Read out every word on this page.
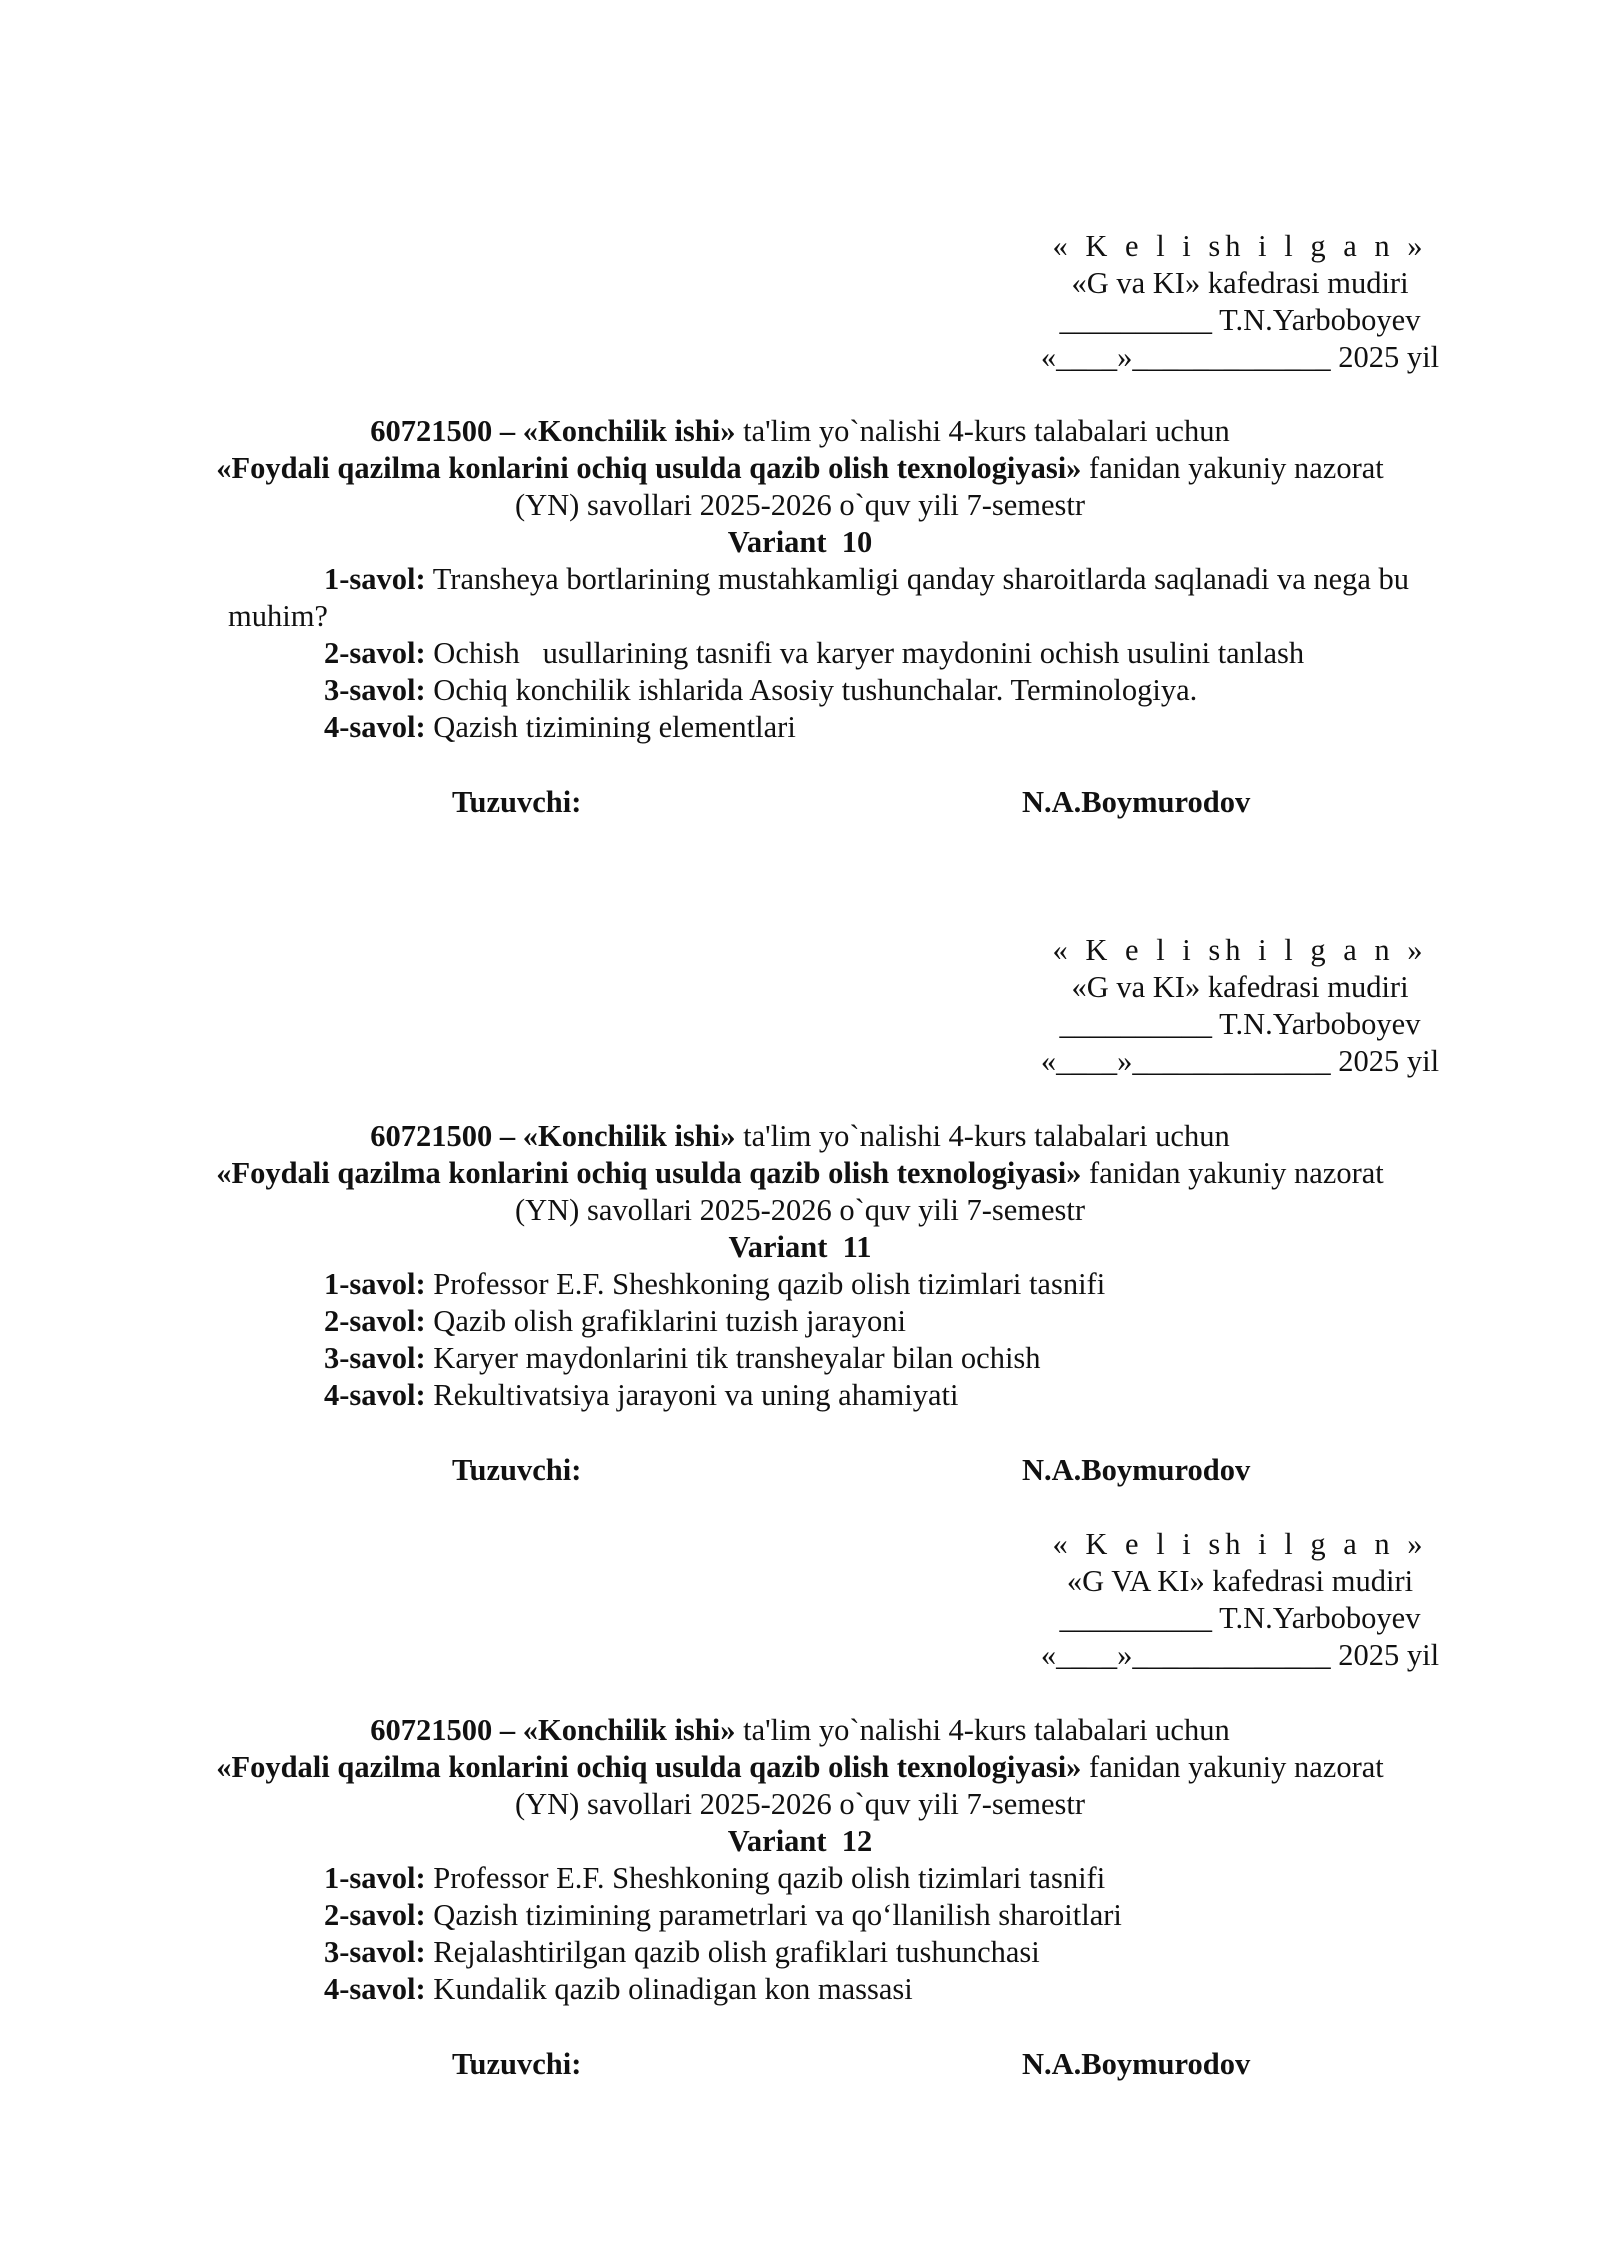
« K e l i sh i l g a n »
«G va KI» kafedrasi mudiri
__________ T.N.Yarboboyev
«____»_____________ 2025 yil
60721500 – «Konchilik ishi» ta'lim yo`nalishi 4-kurs talabalari uchun
«Foydali qazilma konlarini ochiq usulda qazib olish texnologiyasi» fanidan yakuniy nazorat
(YN) savollari 2025-2026 o`quv yili 7-semestr
Variant  10
1-savol: Transheya bortlarining mustahkamligi qanday sharoitlarda saqlanadi va nega bu muhim?
2-savol: Ochish   usullarining tasnifi va karyer maydonini ochish usulini tanlash
3-savol: Ochiq konchilik ishlarida Asosiy tushunchalar. Terminologiya.
4-savol: Qazish tizimining elementlari
Tuzuvchi:	N.A.Boymurodov
« K e l i sh i l g a n »
«G va KI» kafedrasi mudiri
__________ T.N.Yarboboyev
«____»_____________ 2025 yil
60721500 – «Konchilik ishi» ta'lim yo`nalishi 4-kurs talabalari uchun
«Foydali qazilma konlarini ochiq usulda qazib olish texnologiyasi» fanidan yakuniy nazorat
(YN) savollari 2025-2026 o`quv yili 7-semestr
Variant  11
1-savol: Professor E.F. Sheshkoning qazib olish tizimlari tasnifi
2-savol: Qazib olish grafiklarini tuzish jarayoni
3-savol: Karyer maydonlarini tik transheyalar bilan ochish
4-savol: Rekultivatsiya jarayoni va uning ahamiyati
Tuzuvchi:	N.A.Boymurodov
« K e l i sh i l g a n »
«G VA KI» kafedrasi mudiri
__________ T.N.Yarboboyev
«____»_____________ 2025 yil
60721500 – «Konchilik ishi» ta'lim yo`nalishi 4-kurs talabalari uchun
«Foydali qazilma konlarini ochiq usulda qazib olish texnologiyasi» fanidan yakuniy nazorat
(YN) savollari 2025-2026 o`quv yili 7-semestr
Variant  12
1-savol: Professor E.F. Sheshkoning qazib olish tizimlari tasnifi
2-savol: Qazish tizimining parametrlari va qo‘llanilish sharoitlari
3-savol: Rejalashtirilgan qazib olish grafiklari tushunchasi
4-savol: Kundalik qazib olinadigan kon massasi
Tuzuvchi:	N.A.Boymurodov
